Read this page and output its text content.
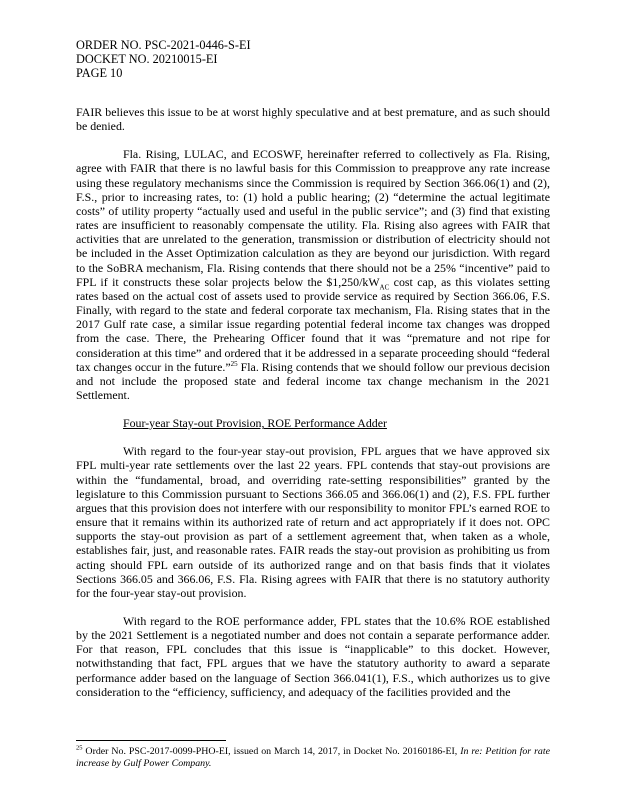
ORDER NO. PSC-2021-0446-S-EI
DOCKET NO. 20210015-EI
PAGE 10

FAIR believes this issue to be at worst highly speculative and at best premature, and as such should be denied.

Fla. Rising, LULAC, and ECOSWF, hereinafter referred to collectively as Fla. Rising, agree with FAIR that there is no lawful basis for this Commission to preapprove any rate increase using these regulatory mechanisms since the Commission is required by Section 366.06(1) and (2), F.S., prior to increasing rates, to: (1) hold a public hearing; (2) “determine the actual legitimate costs” of utility property “actually used and useful in the public service”; and (3) find that existing rates are insufficient to reasonably compensate the utility. Fla. Rising also agrees with FAIR that activities that are unrelated to the generation, transmission or distribution of electricity should not be included in the Asset Optimization calculation as they are beyond our jurisdiction. With regard to the SoBRA mechanism, Fla. Rising contends that there should not be a 25% “incentive” paid to FPL if it constructs these solar projects below the $\$1,250/kW_{AC}$ cost cap, as this violates setting rates based on the actual cost of assets used to provide service as required by Section 366.06, F.S. Finally, with regard to the state and federal corporate tax mechanism, Fla. Rising states that in the 2017 Gulf rate case, a similar issue regarding potential federal income tax changes was dropped from the case. There, the Prehearing Officer found that it was “premature and not ripe for consideration at this time” and ordered that it be addressed in a separate proceeding should “federal tax changes occur in the future.”$^{25}$ Fla. Rising contends that we should follow our previous decision and not include the proposed state and federal income tax change mechanism in the 2021 Settlement.

Four-year Stay-out Provision, ROE Performance Adder

With regard to the four-year stay-out provision, FPL argues that we have approved six FPL multi-year rate settlements over the last 22 years. FPL contends that stay-out provisions are within the “fundamental, broad, and overriding rate-setting responsibilities” granted by the legislature to this Commission pursuant to Sections 366.05 and 366.06(1) and (2), F.S. FPL further argues that this provision does not interfere with our responsibility to monitor FPL’s earned ROE to ensure that it remains within its authorized rate of return and act appropriately if it does not. OPC supports the stay-out provision as part of a settlement agreement that, when taken as a whole, establishes fair, just, and reasonable rates. FAIR reads the stay-out provision as prohibiting us from acting should FPL earn outside of its authorized range and on that basis finds that it violates Sections 366.05 and 366.06, F.S. Fla. Rising agrees with FAIR that there is no statutory authority for the four-year stay-out provision.

With regard to the ROE performance adder, FPL states that the 10.6% ROE established by the 2021 Settlement is a negotiated number and does not contain a separate performance adder. For that reason, FPL concludes that this issue is “inapplicable” to this docket. However, notwithstanding that fact, FPL argues that we have the statutory authority to award a separate performance adder based on the language of Section 366.041(1), F.S., which authorizes us to give consideration to the “efficiency, sufficiency, and adequacy of the facilities provided and the

$^{25}$ Order No. PSC-2017-0099-PHO-EI, issued on March 14, 2017, in Docket No. 20160186-EI, In re: Petition for rate increase by Gulf Power Company.
